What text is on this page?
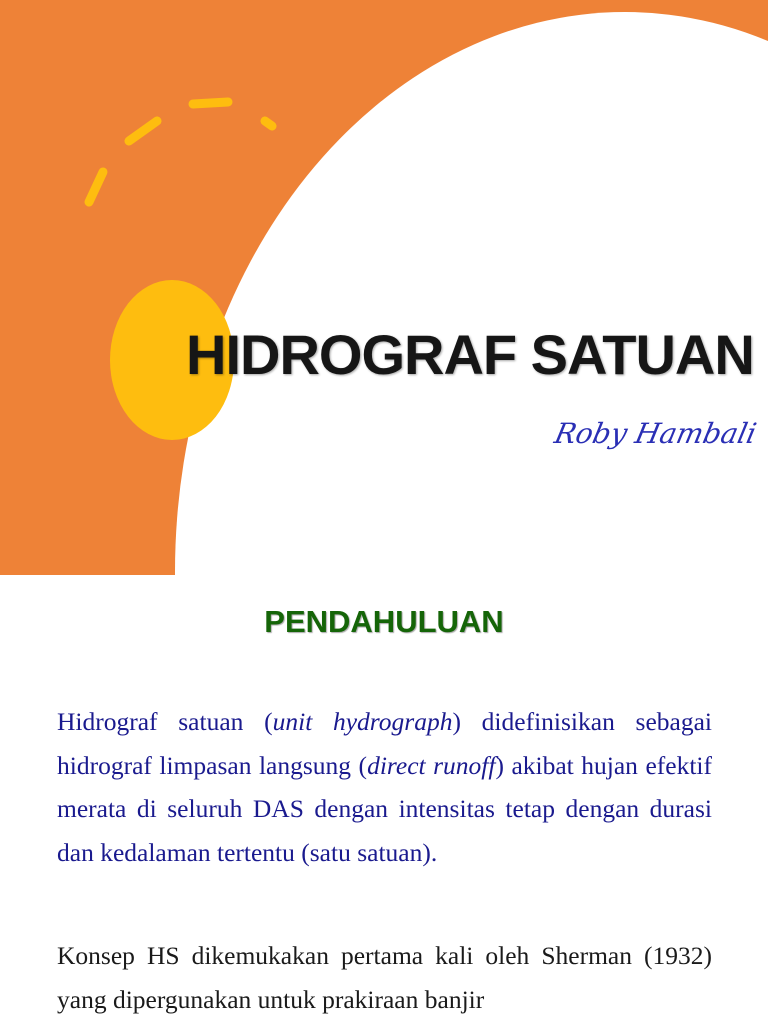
HIDROGRAF SATUAN
Roby Hambali
PENDAHULUAN

Hidrograf satuan (unit hydrograph) didefinisikan sebagai hidrograf limpasan langsung (direct runoff) akibat hujan efektif merata di seluruh DAS dengan intensitas tetap dengan durasi dan kedalaman tertentu (satu satuan).

Konsep HS dikemukakan pertama kali oleh Sherman (1932) yang dipergunakan untuk prakiraan banjir
